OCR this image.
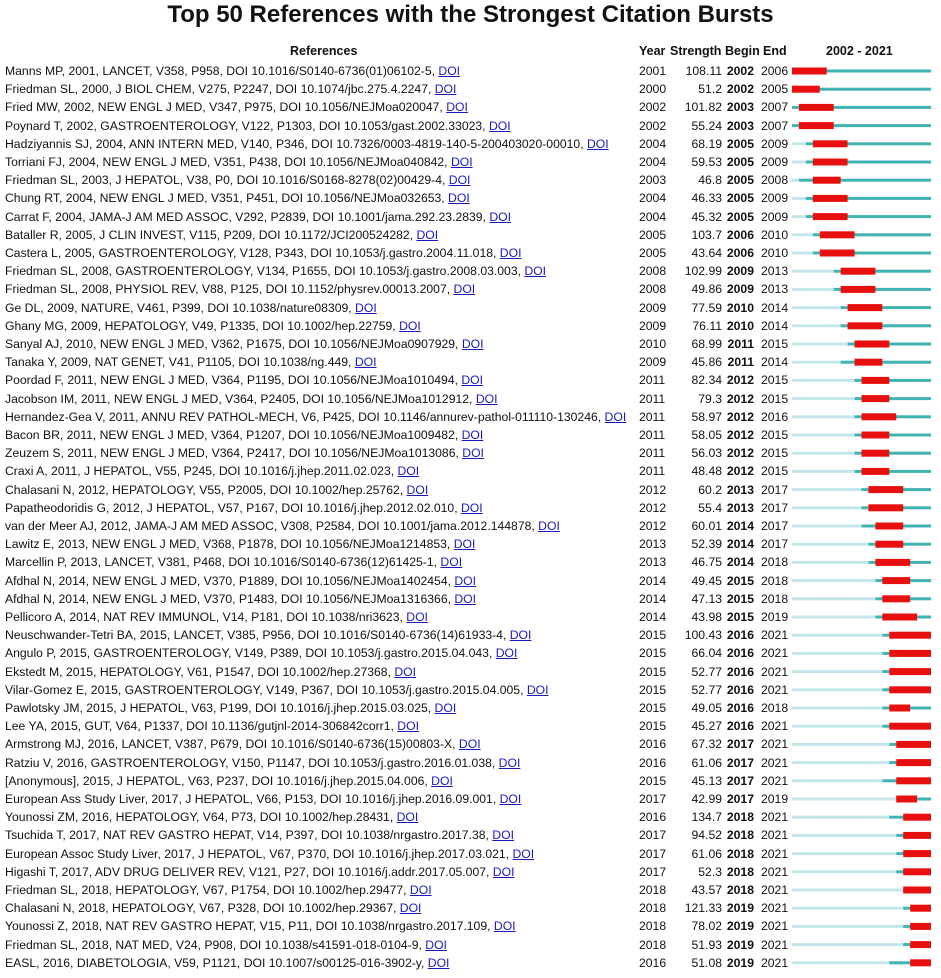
Top 50 References with the Strongest Citation Bursts
References	Year Strength Begin End	2002 - 2021
Manns MP, 2001, LANCET, V358, P958, DOI 10.1016/S0140-6736(01)06102-5, DOI	2001	108.11 2002 2006
Friedman SL, 2000, J BIOL CHEM, V275, P2247, DOI 10.1074/jbc.275.4.2247, DOI	2000	51.2 2002 2005
Fried MW, 2002, NEW ENGL J MED, V347, P975, DOI 10.1056/NEJMoa020047, DOI	2002	101.82 2003 2007
Poynard T, 2002, GASTROENTEROLOGY, V122, P1303, DOI 10.1053/gast.2002.33023, DOI	2002	55.24 2003 2007
Hadziyannis SJ, 2004, ANN INTERN MED, V140, P346, DOI 10.7326/0003-4819-140-5-200403020-00010, DOI 2004	68.19 2005 2009
Torriani FJ, 2004, NEW ENGL J MED, V351, P438, DOI 10.1056/NEJMoa040842, DOI	2004	59.53 2005 2009
Friedman SL, 2003, J HEPATOL, V38, P0, DOI 10.1016/S0168-8278(02)00429-4, DOI	2003	46.8 2005 2008
Chung RT, 2004, NEW ENGL J MED, V351, P451, DOI 10.1056/NEJMoa032653, DOI	2004	46.33 2005 2009
Carrat F, 2004, JAMA-J AM MED ASSOC, V292, P2839, DOI 10.1001/jama.292.23.2839, DOI	2004	45.32 2005 2009
Bataller R, 2005, J CLIN INVEST, V115, P209, DOI 10.1172/JCI200524282, DOI	2005	103.7 2006 2010
Castera L, 2005, GASTROENTEROLOGY, V128, P343, DOI 10.1053/j.gastro.2004.11.018, DOI	2005	43.64 2006 2010
Friedman SL, 2008, GASTROENTEROLOGY, V134, P1655, DOI 10.1053/j.gastro.2008.03.003, DOI	2008	102.99 2009 2013
Friedman SL, 2008, PHYSIOL REV, V88, P125, DOI 10.1152/physrev.00013.2007, DOI	2008	49.86 2009 2013
Ge DL, 2009, NATURE, V461, P399, DOI 10.1038/nature08309, DOI	2009	77.59 2010 2014
Ghany MG, 2009, HEPATOLOGY, V49, P1335, DOI 10.1002/hep.22759, DOI	2009	76.11 2010 2014
Sanyal AJ, 2010, NEW ENGL J MED, V362, P1675, DOI 10.1056/NEJMoa0907929, DOI	2010	68.99 2011 2015
Tanaka Y, 2009, NAT GENET, V41, P1105, DOI 10.1038/ng.449, DOI	2009	45.86 2011 2014
Poordad F, 2011, NEW ENGL J MED, V364, P1195, DOI 10.1056/NEJMoa1010494, DOI	2011	82.34 2012 2015
Jacobson IM, 2011, NEW ENGL J MED, V364, P2405, DOI 10.1056/NEJMoa1012912, DOI	2011	79.3 2012 2015
Hernandez-Gea V, 2011, ANNU REV PATHOL-MECH, V6, P425, DOI 10.1146/annurev-pathol-011110-130246, DOI 2011	58.97 2012 2016
Bacon BR, 2011, NEW ENGL J MED, V364, P1207, DOI 10.1056/NEJMoa1009482, DOI	2011	58.05 2012 2015
Zeuzem S, 2011, NEW ENGL J MED, V364, P2417, DOI 10.1056/NEJMoa1013086, DOI	2011	56.03 2012 2015
Craxi A, 2011, J HEPATOL, V55, P245, DOI 10.1016/j.jhep.2011.02.023, DOI	2011	48.48 2012 2015
Chalasani N, 2012, HEPATOLOGY, V55, P2005, DOI 10.1002/hep.25762, DOI	2012	60.2 2013 2017
Papatheodoridis G, 2012, J HEPATOL, V57, P167, DOI 10.1016/j.jhep.2012.02.010, DOI	2012	55.4 2013 2017
van der Meer AJ, 2012, JAMA-J AM MED ASSOC, V308, P2584, DOI 10.1001/jama.2012.144878, DOI	2012	60.01 2014 2017
Lawitz E, 2013, NEW ENGL J MED, V368, P1878, DOI 10.1056/NEJMoa1214853, DOI	2013	52.39 2014 2017
Marcellin P, 2013, LANCET, V381, P468, DOI 10.1016/S0140-6736(12)61425-1, DOI	2013	46.75 2014 2018
Afdhal N, 2014, NEW ENGL J MED, V370, P1889, DOI 10.1056/NEJMoa1402454, DOI	2014	49.45 2015 2018
Afdhal N, 2014, NEW ENGL J MED, V370, P1483, DOI 10.1056/NEJMoa1316366, DOI	2014	47.13 2015 2018
Pellicoro A, 2014, NAT REV IMMUNOL, V14, P181, DOI 10.1038/nri3623, DOI	2014	43.98 2015 2019
Neuschwander-Tetri BA, 2015, LANCET, V385, P956, DOI 10.1016/S0140-6736(14)61933-4, DOI	2015	100.43 2016 2021
Angulo P, 2015, GASTROENTEROLOGY, V149, P389, DOI 10.1053/j.gastro.2015.04.043, DOI	2015	66.04 2016 2021
Ekstedt M, 2015, HEPATOLOGY, V61, P1547, DOI 10.1002/hep.27368, DOI	2015	52.77 2016 2021
Vilar-Gomez E, 2015, GASTROENTEROLOGY, V149, P367, DOI 10.1053/j.gastro.2015.04.005, DOI	2015	52.77 2016 2021
Pawlotsky JM, 2015, J HEPATOL, V63, P199, DOI 10.1016/j.jhep.2015.03.025, DOI	2015	49.05 2016 2018
Lee YA, 2015, GUT, V64, P1337, DOI 10.1136/gutjnl-2014-306842corr1, DOI	2015	45.27 2016 2021
Armstrong MJ, 2016, LANCET, V387, P679, DOI 10.1016/S0140-6736(15)00803-X, DOI	2016	67.32 2017 2021
Ratziu V, 2016, GASTROENTEROLOGY, V150, P1147, DOI 10.1053/j.gastro.2016.01.038, DOI	2016	61.06 2017 2021
[Anonymous], 2015, J HEPATOL, V63, P237, DOI 10.1016/j.jhep.2015.04.006, DOI	2015	45.13 2017 2021
European Ass Study Liver, 2017, J HEPATOL, V66, P153, DOI 10.1016/j.jhep.2016.09.001, DOI	2017	42.99 2017 2019
Younossi ZM, 2016, HEPATOLOGY, V64, P73, DOI 10.1002/hep.28431, DOI	2016	134.7 2018 2021
Tsuchida T, 2017, NAT REV GASTRO HEPAT, V14, P397, DOI 10.1038/nrgastro.2017.38, DOI	2017	94.52 2018 2021
European Assoc Study Liver, 2017, J HEPATOL, V67, P370, DOI 10.1016/j.jhep.2017.03.021, DOI	2017	61.06 2018 2021
Higashi T, 2017, ADV DRUG DELIVER REV, V121, P27, DOI 10.1016/j.addr.2017.05.007, DOI	2017	52.3 2018 2021
Friedman SL, 2018, HEPATOLOGY, V67, P1754, DOI 10.1002/hep.29477, DOI	2018	43.57 2018 2021
Chalasani N, 2018, HEPATOLOGY, V67, P328, DOI 10.1002/hep.29367, DOI	2018	121.33 2019 2021
Younossi Z, 2018, NAT REV GASTRO HEPAT, V15, P11, DOI 10.1038/nrgastro.2017.109, DOI	2018	78.02 2019 2021
Friedman SL, 2018, NAT MED, V24, P908, DOI 10.1038/s41591-018-0104-9, DOI	2018	51.93 2019 2021
EASL, 2016, DIABETOLOGIA, V59, P1121, DOI 10.1007/s00125-016-3902-y, DOI	2016	51.08 2019 2021
